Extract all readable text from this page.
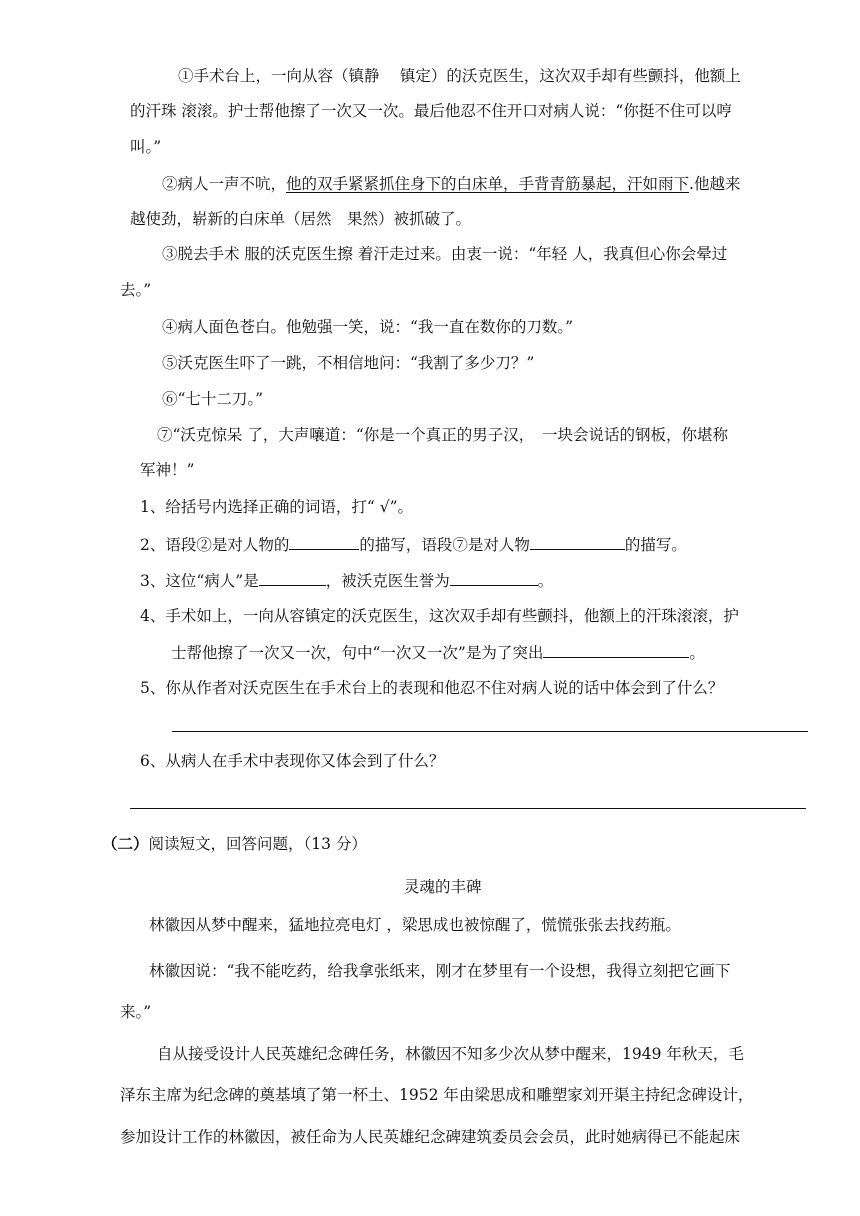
①手术台上，一向从容（镇静　 镇定）的沃克医生，这次双手却有些颤抖，他额上
的汗珠 滚滚。护士帮他擦了一次又一次。最后他忍不住开口对病人说：“你挺不住可以哼
叫。”
②病人一声不吭，他的双手紧紧抓住身下的白床单，手背青筋暴起，汗如雨下.他越来
越使劲，崭新的白床单（居然　果然）被抓破了。
③脱去手术 服的沃克医生擦 着汗走过来。由衷一说：“年轻 人，我真但心你会晕过
去。”
④病人面色苍白。他勉强一笑，说：“我一直在数你的刀数。”
⑤沃克医生吓了一跳，不相信地问：“我割了多少刀？”
⑥“七十二刀。”
⑦“沃克惊呆 了，大声嚷道：“你是一个真正的男子汉，　一块会说话的钢板，你堪称
军神！”
1、给括号内选择正确的词语，打“ √”。
2、语段②是对人物的	的描写，语段⑦是对人物	的描写。
3、这位“病人”是	，被沃克医生誉为	。
4、手术如上，一向从容镇定的沃克医生，这次双手却有些颤抖，他额上的汗珠滚滚，护
士帮他擦了一次又一次，句中“一次又一次”是为了突出	。
5、你从作者对沃克医生在手术台上的表现和他忍不住对病人说的话中体会到了什么？
6、从病人在手术中表现你又体会到了什么？
（二）阅读短文，回答问题，（13 分）
灵魂的丰碑
林徽因从梦中醒来，猛地拉亮电灯 ，梁思成也被惊醒了，慌慌张张去找药瓶。
林徽因说：“我不能吃药，给我拿张纸来，刚才在梦里有一个设想，我得立刻把它画下
来。”
自从接受设计人民英雄纪念碑任务，林徽因不知多少次从梦中醒来，1949 年秋天，毛
泽东主席为纪念碑的奠基填了第一杯土、1952 年由梁思成和雕塑家刘开渠主持纪念碑设计，
参加设计工作的林徽因，被任命为人民英雄纪念碑建筑委员会会员，此时她病得已不能起床
